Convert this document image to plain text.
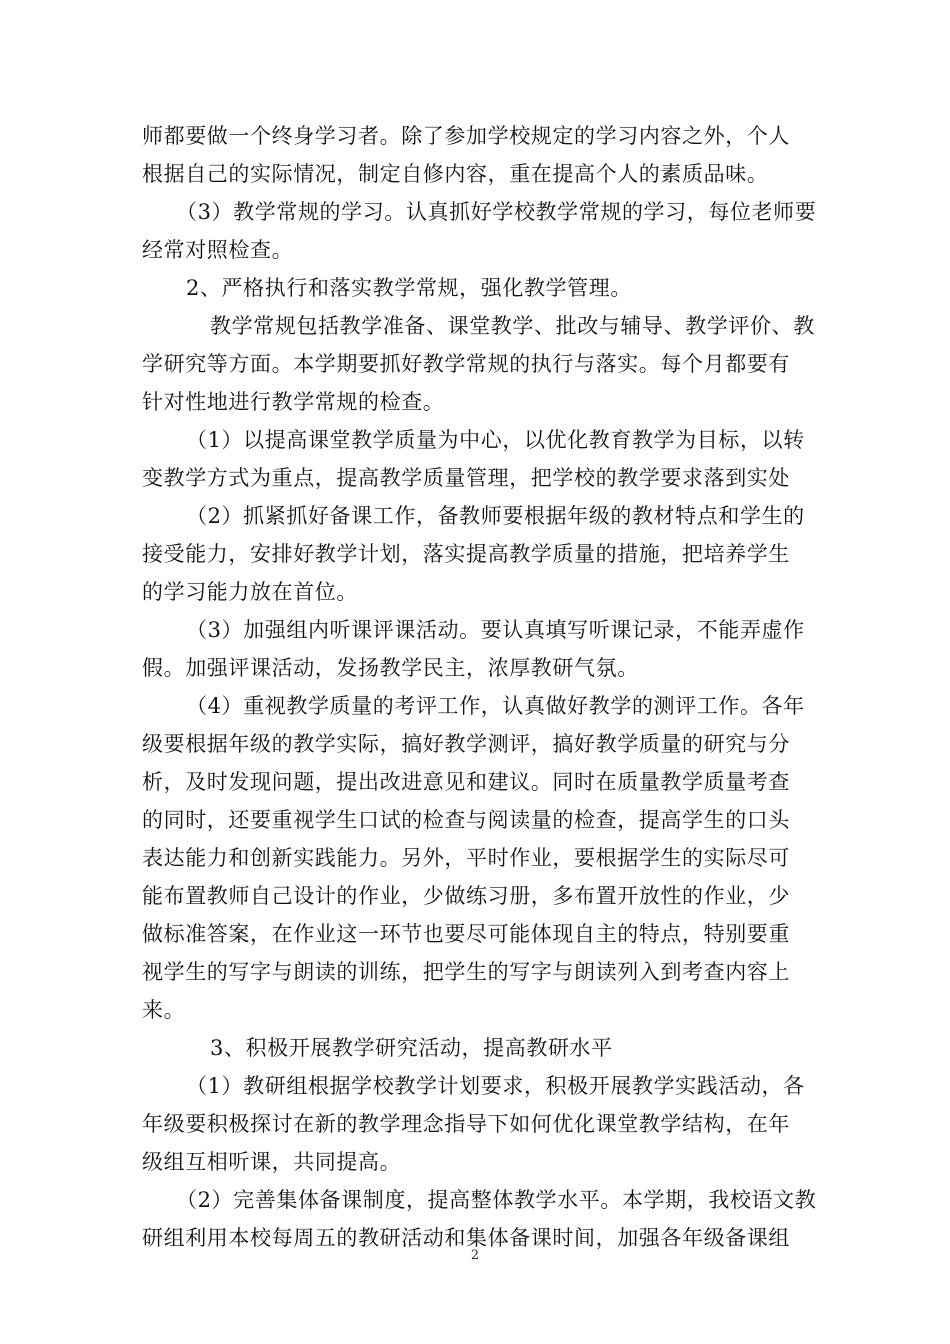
师都要做一个终身学习者。除了参加学校规定的学习内容之外，个人
根据自己的实际情况，制定自修内容，重在提高个人的素质品味。
（3）教学常规的学习。认真抓好学校教学常规的学习，每位老师要
经常对照检查。
2、严格执行和落实教学常规，强化教学管理。
教学常规包括教学准备、课堂教学、批改与辅导、教学评价、教
学研究等方面。本学期要抓好教学常规的执行与落实。每个月都要有
针对性地进行教学常规的检查。
（1）以提高课堂教学质量为中心，以优化教育教学为目标，以转
变教学方式为重点，提高教学质量管理，把学校的教学要求落到实处
（2）抓紧抓好备课工作，备教师要根据年级的教材特点和学生的
接受能力，安排好教学计划，落实提高教学质量的措施，把培养学生
的学习能力放在首位。
（3）加强组内听课评课活动。要认真填写听课记录，不能弄虚作
假。加强评课活动，发扬教学民主，浓厚教研气氛。
（4）重视教学质量的考评工作，认真做好教学的测评工作。各年
级要根据年级的教学实际，搞好教学测评，搞好教学质量的研究与分
析，及时发现问题，提出改进意见和建议。同时在质量教学质量考查
的同时，还要重视学生口试的检查与阅读量的检查，提高学生的口头
表达能力和创新实践能力。另外，平时作业，要根据学生的实际尽可
能布置教师自己设计的作业，少做练习册，多布置开放性的作业，少
做标准答案，在作业这一环节也要尽可能体现自主的特点，特别要重
视学生的写字与朗读的训练，把学生的写字与朗读列入到考查内容上
来。
3、积极开展教学研究活动，提高教研水平
（1）教研组根据学校教学计划要求，积极开展教学实践活动，各
年级要积极探讨在新的教学理念指导下如何优化课堂教学结构，在年
级组互相听课，共同提高。
（2）完善集体备课制度，提高整体教学水平。本学期，我校语文教
研组利用本校每周五的教研活动和集体备课时间，加强各年级备课组
2
